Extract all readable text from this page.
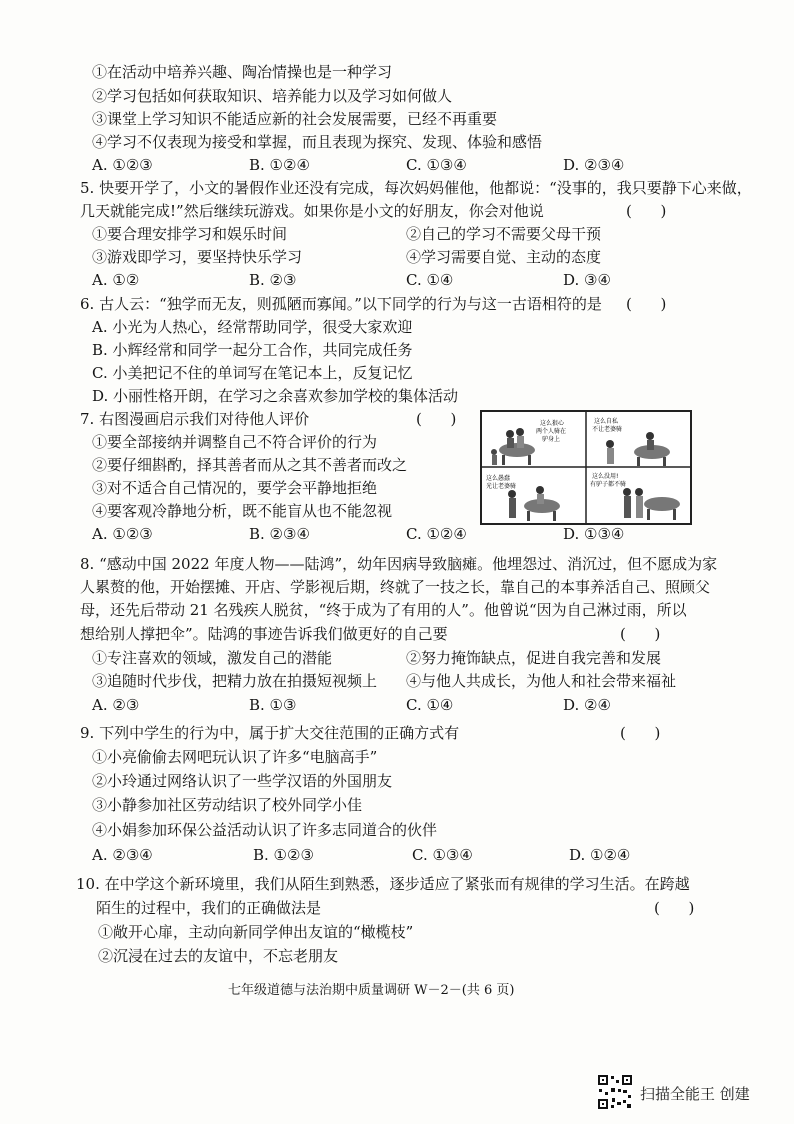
①在活动中培养兴趣、陶冶情操也是一种学习
②学习包括如何获取知识、培养能力以及学习如何做人
③课堂上学习知识不能适应新的社会发展需要，已经不再重要
④学习不仅表现为接受和掌握，而且表现为探究、发现、体验和感悟
A. ①②③	B. ①②④	C. ①③④	D. ②③④
5. 快要开学了，小文的暑假作业还没有完成，每次妈妈催他，他都说：“没事的，我只要静下心来做，
几天就能完成!”然后继续玩游戏。如果你是小文的好朋友，你会对他说	(      )
①要合理安排学习和娱乐时间	②自己的学习不需要父母干预
③游戏即学习，要坚持快乐学习	④学习需要自觉、主动的态度
A. ①②	B. ②③	C. ①④	D. ③④
6. 古人云：“独学而无友，则孤陋而寡闻。”以下同学的行为与这一古语相符的是 (      )
A. 小光为人热心，经常帮助同学，很受大家欢迎
B. 小辉经常和同学一起分工合作，共同完成任务
C. 小美把记不住的单词写在笔记本上，反复记忆
D. 小丽性格开朗，在学习之余喜欢参加学校的集体活动
7. 右图漫画启示我们对待他人评价	(      )
①要全部接纳并调整自己不符合评价的行为
②要仔细斟酌，择其善者而从之其不善者而改之
③对不适合自己情况的，要学会平静地拒绝
④要客观冷静地分析，既不能盲从也不能忽视
A. ①②③	B. ②③④	C. ①②④	D. ①③④
这么狠心两个人骑在驴身上
这么自私不让老婆骑
这么愚蠢光让老婆骑
这么没用!有驴子都不骑
8. “感动中国 2022 年度人物——陆鸿”，幼年因病导致脑瘫。他埋怨过、消沉过，但不愿成为家
人累赘的他，开始摆摊、开店、学影视后期，终就了一技之长，靠自己的本事养活自己、照顾父
母，还先后带动 21 名残疾人脱贫，“终于成为了有用的人”。他曾说“因为自己淋过雨，所以
想给别人撑把伞”。陆鸿的事迹告诉我们做更好的自己要	(      )
①专注喜欢的领域，激发自己的潜能	②努力掩饰缺点，促进自我完善和发展
③追随时代步伐，把精力放在拍摄短视频上 ④与他人共成长，为他人和社会带来福祉
A. ②③	B. ①③	C. ①④	D. ②④
9. 下列中学生的行为中，属于扩大交往范围的正确方式有	(      )
①小亮偷偷去网吧玩认识了许多“电脑高手”
②小玲通过网络认识了一些学汉语的外国朋友
③小静参加社区劳动结识了校外同学小佳
④小娟参加环保公益活动认识了许多志同道合的伙伴
A. ②③④	B. ①②③	C. ①③④	D. ①②④
10. 在中学这个新环境里，我们从陌生到熟悉，逐步适应了紧张而有规律的学习生活。在跨越
陌生的过程中，我们的正确做法是	(      )
①敞开心扉，主动向新同学伸出友谊的“橄榄枝”
②沉浸在过去的友谊中，不忘老朋友
七年级道德与法治期中质量调研 W－2－(共 6 页)
扫描全能王 创建
